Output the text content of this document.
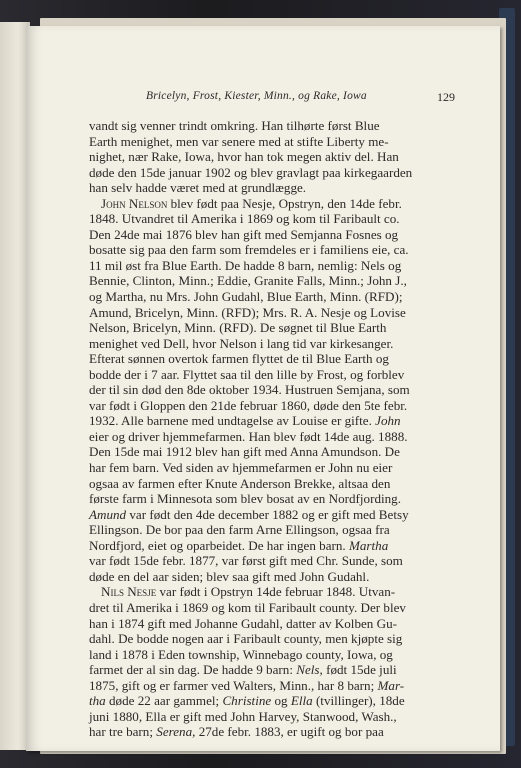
Bricelyn, Frost, Kiester, Minn., og Rake, Iowa	129
vandt sig venner trindt omkring. Han tilhørte først Blue
Earth menighet, men var senere med at stifte Liberty me-
nighet, nær Rake, Iowa, hvor han tok megen aktiv del. Han
døde den 15de januar 1902 og blev gravlagt paa kirkegaarden
han selv hadde været med at grundlægge.
John Nelson blev født paa Nesje, Opstryn, den 14de febr.
1848. Utvandret til Amerika i 1869 og kom til Faribault co.
Den 24de mai 1876 blev han gift med Semjanna Fosnes og
bosatte sig paa den farm som fremdeles er i familiens eie, ca.
11 mil øst fra Blue Earth. De hadde 8 barn, nemlig: Nels og
Bennie, Clinton, Minn.; Eddie, Granite Falls, Minn.; John J.,
og Martha, nu Mrs. John Gudahl, Blue Earth, Minn. (RFD);
Amund, Bricelyn, Minn. (RFD); Mrs. R. A. Nesje og Lovise
Nelson, Bricelyn, Minn. (RFD). De søgnet til Blue Earth
menighet ved Dell, hvor Nelson i lang tid var kirkesanger.
Efterat sønnen overtok farmen flyttet de til Blue Earth og
bodde der i 7 aar. Flyttet saa til den lille by Frost, og forblev
der til sin død den 8de oktober 1934. Hustruen Semjana, som
var født i Gloppen den 21de februar 1860, døde den 5te febr.
1932. Alle barnene med undtagelse av Louise er gifte. John
eier og driver hjemmefarmen. Han blev født 14de aug. 1888.
Den 15de mai 1912 blev han gift med Anna Amundson. De
har fem barn. Ved siden av hjemmefarmen er John nu eier
ogsaa av farmen efter Knute Anderson Brekke, altsaa den
første farm i Minnesota som blev bosat av en Nordfjording.
Amund var født den 4de december 1882 og er gift med Betsy
Ellingson. De bor paa den farm Arne Ellingson, ogsaa fra
Nordfjord, eiet og oparbeidet. De har ingen barn. Martha
var født 15de febr. 1877, var først gift med Chr. Sunde, som
døde en del aar siden; blev saa gift med John Gudahl.
Nils Nesje var født i Opstryn 14de februar 1848. Utvan-
dret til Amerika i 1869 og kom til Faribault county. Der blev
han i 1874 gift med Johanne Gudahl, datter av Kolben Gu-
dahl. De bodde nogen aar i Faribault county, men kjøpte sig
land i 1878 i Eden township, Winnebago county, Iowa, og
farmet der al sin dag. De hadde 9 barn: Nels, født 15de juli
1875, gift og er farmer ved Walters, Minn., har 8 barn; Mar-
tha døde 22 aar gammel; Christine og Ella (tvillinger), 18de
juni 1880, Ella er gift med John Harvey, Stanwood, Wash.,
har tre barn; Serena, 27de febr. 1883, er ugift og bor paa
